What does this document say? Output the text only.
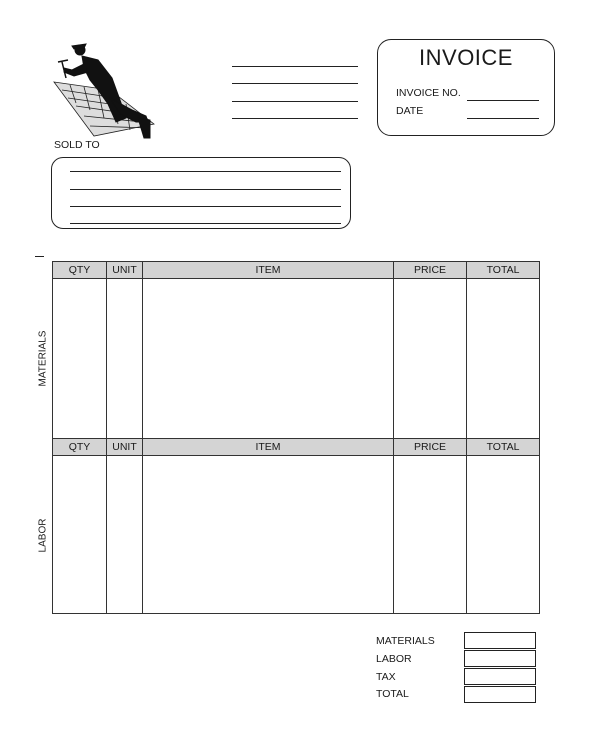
INVOICE
INVOICE NO.
DATE
SOLD TO
QTY	UNIT	ITEM	PRICE	TOTAL

QTY	UNIT	ITEM	PRICE	TOTAL

MATERIALS
LABOR
MATERIALS
LABOR
TAX
TOTAL
